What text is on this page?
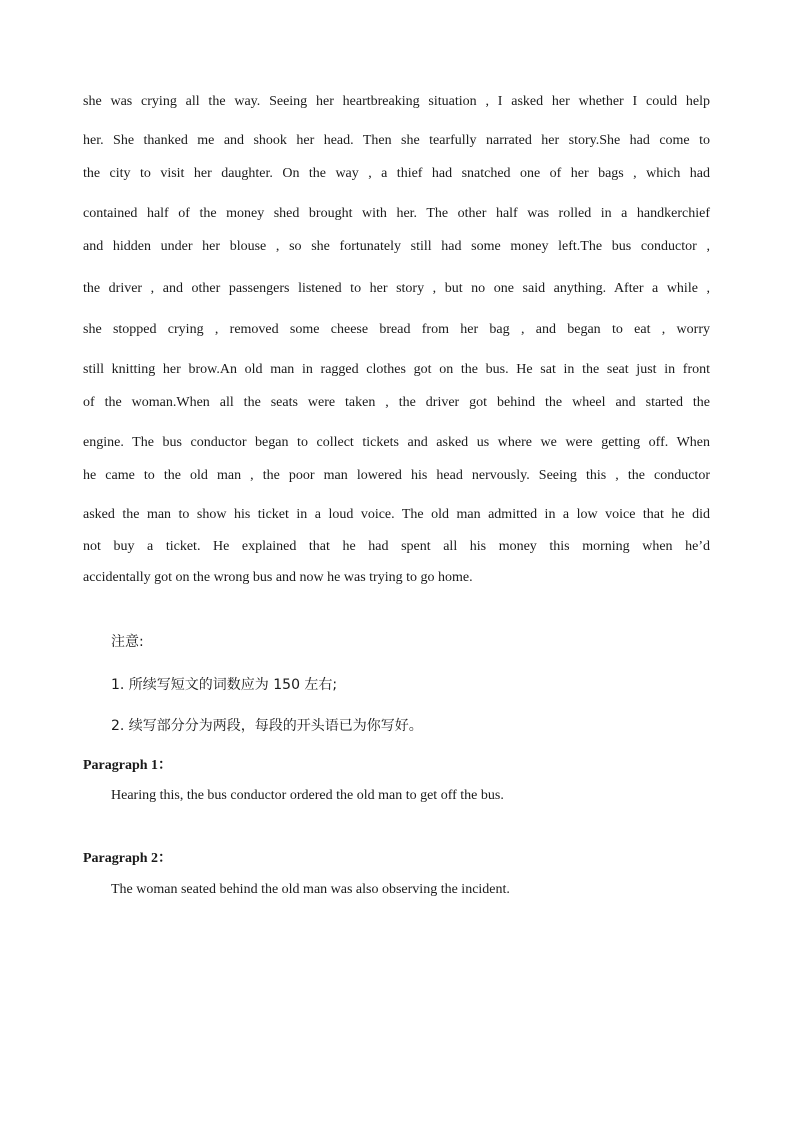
she was crying all the way. Seeing her heartbreaking situation , I asked her whether I could help
her. She thanked me and shook her head. Then she tearfully narrated her story.She had come to
the city to visit her daughter. On the way , a thief had snatched one of her bags , which had
contained half of the money shed brought with her. The other half was rolled in a handkerchief
and hidden under her blouse , so she fortunately still had some money left.The bus conductor ,
the driver , and other passengers listened to her story , but no one said anything. After a while ,
she stopped crying , removed some cheese bread from her bag , and began to eat , worry
still knitting her brow.An old man in ragged clothes got on the bus. He sat in the seat just in front
of the woman.When all the seats were taken , the driver got behind the wheel and started the
engine. The bus conductor began to collect tickets and asked us where we were getting off. When
he came to the old man , the poor man lowered his head nervously. Seeing this , the conductor
asked the man to show his ticket in a loud voice. The old man admitted in a low voice that he did
not buy a ticket. He explained that he had spent all his money this morning when he’d
accidentally got on the wrong bus and now he was trying to go home.
注意:
1. 所续写短文的词数应为 150 左右;
2. 续写部分分为两段，每段的开头语已为你写好。
Paragraph 1：
Hearing this, the bus conductor ordered the old man to get off the bus.
Paragraph 2：
The woman seated behind the old man was also observing the incident.
